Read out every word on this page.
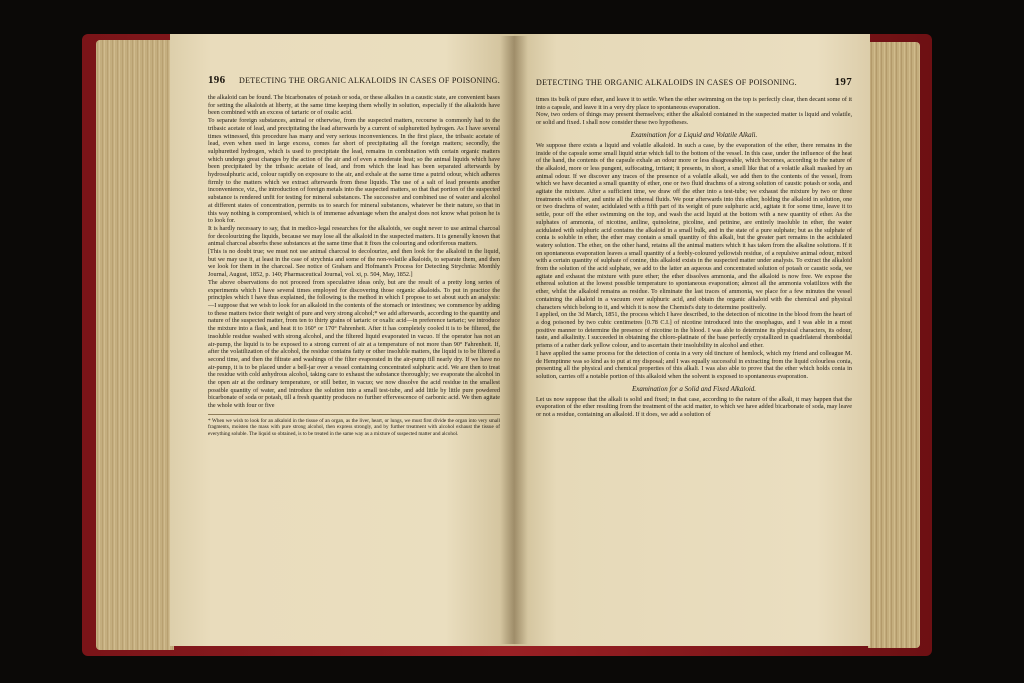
196 DETECTING THE ORGANIC ALKALOIDS IN CASES OF POISONING.

the alkaloid can be found. The bicarbonates of potash or soda, or these alkalies in a caustic state, are convenient bases for setting the alkaloids at liberty, at the same time keeping them wholly in solution, especially if the alkaloids have been combined with an excess of tartaric or of oxalic acid.
To separate foreign substances, animal or otherwise, from the suspected matters, recourse is commonly had to the tribasic acetate of lead, and precipitating the lead afterwards by a current of sulphuretted hydrogen. As I have several times witnessed, this procedure has many and very serious inconveniences. In the first place, the tribasic acetate of lead, even when used in large excess, comes far short of precipitating all the foreign matters; secondly, the sulphuretted hydrogen, which is used to precipitate the lead, remains in combination with certain organic matters which undergo great changes by the action of the air and of even a moderate heat; so the animal liquids which have been precipitated by the tribasic acetate of lead, and from which the lead has been separated afterwards by hydrosulphuric acid, colour rapidly on exposure to the air, and exhale at the same time a putrid odour, which adheres firmly to the matters which we extract afterwards from these liquids. The use of a salt of lead presents another inconvenience, viz., the introduction of foreign metals into the suspected matters, so that that portion of the suspected substance is rendered unfit for testing for mineral substances. The successive and combined use of water and alcohol at different states of concentration, permits us to search for mineral substances, whatever be their nature, so that in this way nothing is compromised, which is of immense advantage when the analyst does not know what poison he is to look for.
It is hardly necessary to say, that in medico-legal researches for the alkaloids, we ought never to use animal charcoal for decolourizing the liquids, because we may lose all the alkaloid in the suspected matters. It is generally known that animal charcoal absorbs these substances at the same time that it fixes the colouring and odoriferous matters.
[This is no doubt true; we must not use animal charcoal to decolourize, and then look for the alkaloid in the liquid, but we may use it, at least in the case of strychnia and some of the non-volatile alkaloids, to separate them, and then we look for them in the charcoal. See notice of Graham and Hofmann's Process for Detecting Strychnia: Monthly Journal, August, 1852, p. 140; Pharmaceutical Journal, vol. xi, p. 504, May, 1852.]
The above observations do not proceed from speculative ideas only, but are the result of a pretty long series of experiments which I have several times employed for discovering those organic alkaloids. To put in practice the principles which I have thus explained, the following is the method in which I propose to set about such an analysis:—I suppose that we wish to look for an alkaloid in the contents of the stomach or intestines; we commence by adding to these matters twice their weight of pure and very strong alcohol;* we add afterwards, according to the quantity and nature of the suspected matter, from ten to thirty grains of tartaric or oxalic acid—in preference tartaric; we introduce the mixture into a flask, and heat it to 160° or 170° Fahrenheit. After it has completely cooled it is to be filtered, the insoluble residue washed with strong alcohol, and the filtered liquid evaporated in vacuo. If the operator has not an air-pump, the liquid is to be exposed to a strong current of air at a temperature of not more than 90° Fahrenheit. If, after the volatilization of the alcohol, the residue contains fatty or other insoluble matters, the liquid is to be filtered a second time, and then the filtrate and washings of the filter evaporated in the air-pump till nearly dry. If we have no air-pump, it is to be placed under a bell-jar over a vessel containing concentrated sulphuric acid. We are then to treat the residue with cold anhydrous alcohol, taking care to exhaust the substance thoroughly; we evaporate the alcohol in the open air at the ordinary temperature, or still better, in vacuo; we now dissolve the acid residue in the smallest possible quantity of water, and introduce the solution into a small test-tube, and add little by little pure powdered bicarbonate of soda or potash, till a fresh quantity produces no further effervescence of carbonic acid. We then agitate the whole with four or five

* When we wish to look for an alkaloid in the tissue of an organ, as the liver, heart, or lungs, we must first divide the organ into very small fragments, moisten the mass with pure strong alcohol, then express strongly, and by further treatment with alcohol exhaust the tissue of everything soluble. The liquid so obtained, is to be treated in the same way as a mixture of suspected matter and alcohol.
DETECTING THE ORGANIC ALKALOIDS IN CASES OF POISONING.	197

times its bulk of pure ether, and leave it to settle. When the ether swimming on the top is perfectly clear, then decant some of it into a capsule, and leave it in a very dry place to spontaneous evaporation.
Now, two orders of things may present themselves; either the alkaloid contained in the suspected matter is liquid and volatile, or solid and fixed. I shall now consider these two hypotheses.

Examination for a Liquid and Volatile Alkali.

We suppose there exists a liquid and volatile alkaloid. In such a case, by the evaporation of the ether, there remains in the inside of the capsule some small liquid striæ which fall to the bottom of the vessel. In this case, under the influence of the heat of the hand, the contents of the capsule exhale an odour more or less disagreeable, which becomes, according to the nature of the alkaloid, more or less pungent, suffocating, irritant; it presents, in short, a smell like that of a volatile alkali masked by an animal odour. If we discover any traces of the presence of a volatile alkali, we add then to the contents of the vessel, from which we have decanted a small quantity of ether, one or two fluid drachms of a strong solution of caustic potash or soda, and agitate the mixture. After a sufficient time, we draw off the ether into a test-tube; we exhaust the mixture by two or three treatments with ether, and unite all the ethereal fluids. We pour afterwards into this ether, holding the alkaloid in solution, one or two drachms of water, acidulated with a fifth part of its weight of pure sulphuric acid, agitate it for some time, leave it to settle, pour off the ether swimming on the top, and wash the acid liquid at the bottom with a new quantity of ether. As the sulphates of ammonia, of nicotine, aniline, quinoleine, picoline, and petinine, are entirely insoluble in ether, the water acidulated with sulphuric acid contains the alkaloid in a small bulk, and in the state of a pure sulphate; but as the sulphate of conia is soluble in ether, the ether may contain a small quantity of this alkali, but the greater part remains in the acidulated watery solution. The ether, on the other hand, retains all the animal matters which it has taken from the alkaline solutions. If it on spontaneous evaporation leaves a small quantity of a feebly-coloured yellowish residue, of a repulsive animal odour, mixed with a certain quantity of sulphate of conine, this alkaloid exists in the suspected matter under analysis. To extract the alkaloid from the solution of the acid sulphate, we add to the latter an aqueous and concentrated solution of potash or caustic soda, we agitate and exhaust the mixture with pure ether; the ether dissolves ammonia, and the alkaloid is now free. We expose the ethereal solution at the lowest possible temperature to spontaneous evaporation; almost all the ammonia volatilizes with the ether, whilst the alkaloid remains as residue. To eliminate the last traces of ammonia, we place for a few minutes the vessel containing the alkaloid in a vacuum over sulphuric acid, and obtain the organic alkaloid with the chemical and physical characters which belong to it, and which it is now the Chemist's duty to determine positively.
I applied, on the 3d March, 1851, the process which I have described, to the detection of nicotine in the blood from the heart of a dog poisoned by two cubic centimetres [0.78 C.I.] of nicotine introduced into the œsophagus, and I was able in a most positive manner to determine the presence of nicotine in the blood. I was able to determine its physical characters, its odour, taste, and alkalinity. I succeeded in obtaining the chloro-platinate of the base perfectly crystallized in quadrilateral rhomboidal prisms of a rather dark yellow colour, and to ascertain their insolubility in alcohol and ether.
I have applied the same process for the detection of conia in a very old tincture of hemlock, which my friend and colleague M. de Hemptinne was so kind as to put at my disposal; and I was equally successful in extracting from the liquid colourless conia, presenting all the physical and chemical properties of this alkali. I was also able to prove that the ether which holds conia in solution, carries off a notable portion of this alkaloid when the solvent is exposed to spontaneous evaporation.

Examination for a Solid and Fixed Alkaloid.

Let us now suppose that the alkali is solid and fixed; in that case, according to the nature of the alkali, it may happen that the evaporation of the ether resulting from the treatment of the acid matter, to which we have added bicarbonate of soda, may leave or not a residue, containing an alkaloid. If it does, we add a solution of
